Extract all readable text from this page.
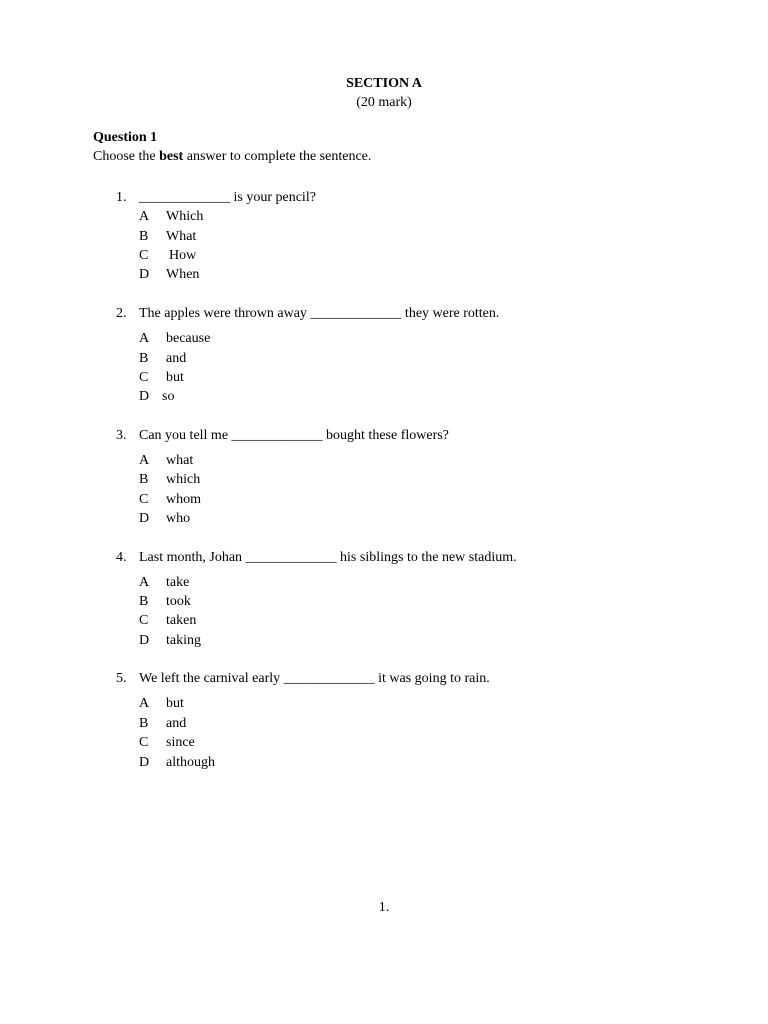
SECTION A
(20 mark)
Question 1
Choose the best answer to complete the sentence.
1. _____________ is your pencil?
A Which
B What
C How
D When
2. The apples were thrown away _____________ they were rotten.
A because
B and
C but
D so
3. Can you tell me _____________ bought these flowers?
A what
B which
C whom
D who
4. Last month, Johan _____________ his siblings to the new stadium.
A take
B took
C taken
D taking
5. We left the carnival early _____________ it was going to rain.
A but
B and
C since
D although
1.
